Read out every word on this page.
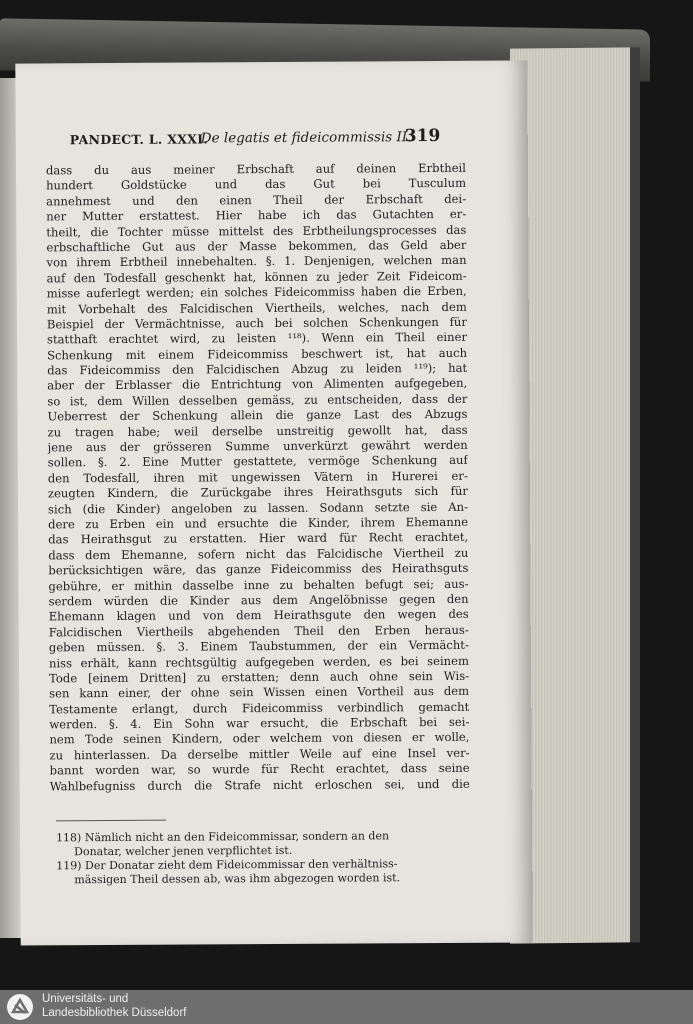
PANDECT. L. XXXI.
De legatis et fideicommissis II.
319
dass du aus meiner Erbschaft auf deinen Erbtheil
hundert Goldstücke und das Gut bei Tusculum
annehmest und den einen Theil der Erbschaft dei-
ner Mutter erstattest. Hier habe ich das Gutachten er-
theilt, die Tochter müsse mittelst des Erbtheilungsprocesses das
erbschaftliche Gut aus der Masse bekommen, das Geld aber
von ihrem Erbtheil innebehalten. §. 1. Denjenigen, welchen man
auf den Todesfall geschenkt hat, können zu jeder Zeit Fideicom-
misse auferlegt werden; ein solches Fideicommiss haben die Erben,
mit Vorbehalt des Falcidischen Viertheils, welches, nach dem
Beispiel der Vermächtnisse, auch bei solchen Schenkungen für
statthaft erachtet wird, zu leisten ¹¹⁸). Wenn ein Theil einer
Schenkung mit einem Fideicommiss beschwert ist, hat auch
das Fideicommiss den Falcidischen Abzug zu leiden ¹¹⁹); hat
aber der Erblasser die Entrichtung von Alimenten aufgegeben,
so ist, dem Willen desselben gemäss, zu entscheiden, dass der
Ueberrest der Schenkung allein die ganze Last des Abzugs
zu tragen habe; weil derselbe unstreitig gewollt hat, dass
jene aus der grösseren Summe unverkürzt gewährt werden
sollen. §. 2. Eine Mutter gestattete, vermöge Schenkung auf
den Todesfall, ihren mit ungewissen Vätern in Hurerei er-
zeugten Kindern, die Zurückgabe ihres Heirathsguts sich für
sich (die Kinder) angeloben zu lassen. Sodann setzte sie An-
dere zu Erben ein und ersuchte die Kinder, ihrem Ehemanne
das Heirathsgut zu erstatten. Hier ward für Recht erachtet,
dass dem Ehemanne, sofern nicht das Falcidische Viertheil zu
berücksichtigen wäre, das ganze Fideicommiss des Heirathsguts
gebühre, er mithin dasselbe inne zu behalten befugt sei; aus-
serdem würden die Kinder aus dem Angelöbnisse gegen den
Ehemann klagen und von dem Heirathsgute den wegen des
Falcidischen Viertheils abgehenden Theil den Erben heraus-
geben müssen. §. 3. Einem Taubstummen, der ein Vermächt-
niss erhält, kann rechtsgültig aufgegeben werden, es bei seinem
Tode [einem Dritten] zu erstatten; denn auch ohne sein Wis-
sen kann einer, der ohne sein Wissen einen Vortheil aus dem
Testamente erlangt, durch Fideicommiss verbindlich gemacht
werden. §. 4. Ein Sohn war ersucht, die Erbschaft bei sei-
nem Tode seinen Kindern, oder welchem von diesen er wolle,
zu hinterlassen. Da derselbe mittler Weile auf eine Insel ver-
bannt worden war, so wurde für Recht erachtet, dass seine
Wahlbefugniss durch die Strafe nicht erloschen sei, und die
118) Nämlich nicht an den Fideicommissar, sondern an den
Donatar, welcher jenen verpflichtet ist.
119) Der Donatar zieht dem Fideicommissar den verhältniss-
mässigen Theil dessen ab, was ihm abgezogen worden ist.
Universitäts- und
Landesbibliothek Düsseldorf
